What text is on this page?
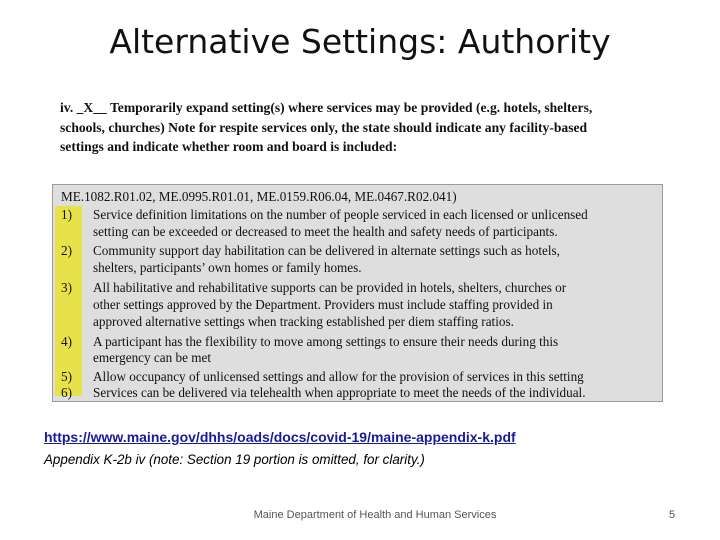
Alternative Settings: Authority
iv. _X__ Temporarily expand setting(s) where services may be provided (e.g. hotels, shelters,
schools, churches) Note for respite services only, the state should indicate any facility-based
settings and indicate whether room and board is included:
ME.1082.R01.02, ME.0995.R01.01, ME.0159.R06.04, ME.0467.R02.041)
1) Service definition limitations on the number of people serviced in each licensed or unlicensed
setting can be exceeded or decreased to meet the health and safety needs of participants.
2) Community support day habilitation can be delivered in alternate settings such as hotels,
shelters, participants’ own homes or family homes.
3) All habilitative and rehabilitative supports can be provided in hotels, shelters, churches or
other settings approved by the Department. Providers must include staffing provided in
approved alternative settings when tracking established per diem staffing ratios.
4) A participant has the flexibility to move among settings to ensure their needs during this
emergency can be met
5) Allow occupancy of unlicensed settings and allow for the provision of services in this setting
6) Services can be delivered via telehealth when appropriate to meet the needs of the individual.
https://www.maine.gov/dhhs/oads/docs/covid-19/maine-appendix-k.pdf
Appendix K-2b iv (note: Section 19 portion is omitted, for clarity.)
Maine Department of Health and Human Services	5
